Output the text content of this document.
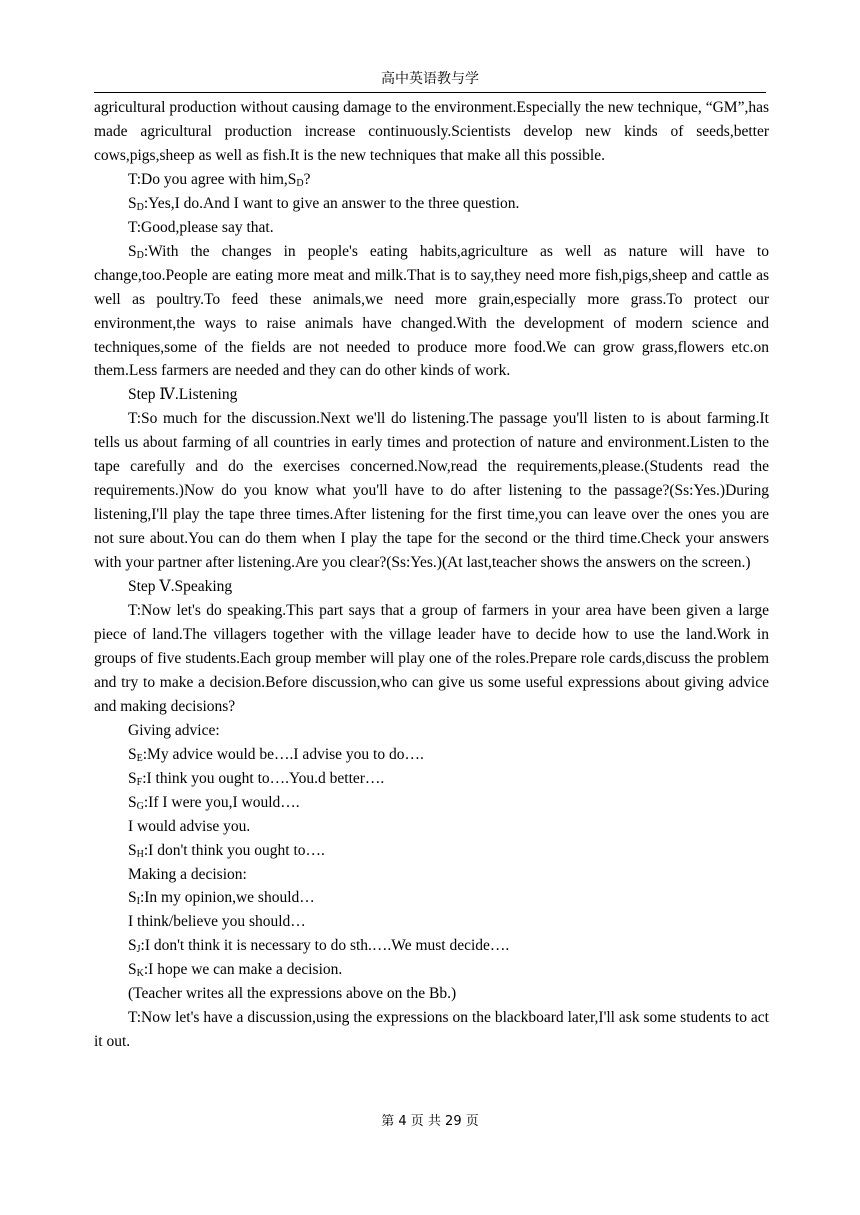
高中英语教与学

agricultural production without causing damage to the environment.Especially the new technique, “GM”,has made agricultural production increase continuously.Scientists develop new kinds of seeds,better cows,pigs,sheep as well as fish.It is the new techniques that make all this possible.

T:Do you agree with $him,S_D$?

$S_D:Yes,I$ do.And I want to give an answer to the three question.

T:Good,please say that.

$S_D:With$ the changes in people's eating habits,agriculture as well as nature will have to change,too.People are eating more meat and milk.That is to say,they need more fish,pigs,sheep and cattle as well as poultry.To feed these animals,we need more grain,especially more grass.To protect our environment,the ways to raise animals have changed.With the development of modern science and techniques,some of the fields are not needed to produce more food.We can grow grass,flowers etc.on them.Less farmers are needed and they can do other kinds of work.

Step Ⅳ.Listening

T:So much for the discussion.Next we'll do listening.The passage you'll listen to is about farming.It tells us about farming of all countries in early times and protection of nature and environment.Listen to the tape carefully and do the exercises concerned.Now,read the requirements,please.(Students read the requirements.)Now do you know what you'll have to do after listening to the passage?(Ss:Yes.)During listening,I'll play the tape three times.After listening for the first time,you can leave over the ones you are not sure about.You can do them when I play the tape for the second or the third time.Check your answers with your partner after listening.Are you clear?(Ss:Yes.)(At last,teacher shows the answers on the screen.)

Step Ⅴ.Speaking

T:Now let's do speaking.This part says that a group of farmers in your area have been given a large piece of land.The villagers together with the village leader have to decide how to use the land.Work in groups of five students.Each group member will play one of the roles.Prepare role cards,discuss the problem and try to make a decision.Before discussion,who can give us some useful expressions about giving advice and making decisions?

Giving advice:

$S_E:My$ advice would be….I advise you to do….

$S_F:I$ think you ought to….You.d better….

$S_G:If$ I were you,I would….

I would advise you.

$S_H:I$ don't think you ought to….

Making a decision:

$S_I:In$ my opinion,we should…

I think/believe you should…

$S_J:I$ don't think it is necessary to do sth.….We must decide….

$S_K:I$ hope we can make a decision.

(Teacher writes all the expressions above on the Bb.)

T:Now let's have a discussion,using the expressions on the blackboard later,I'll ask some students to act it out.

第 4 页 共 29 页
